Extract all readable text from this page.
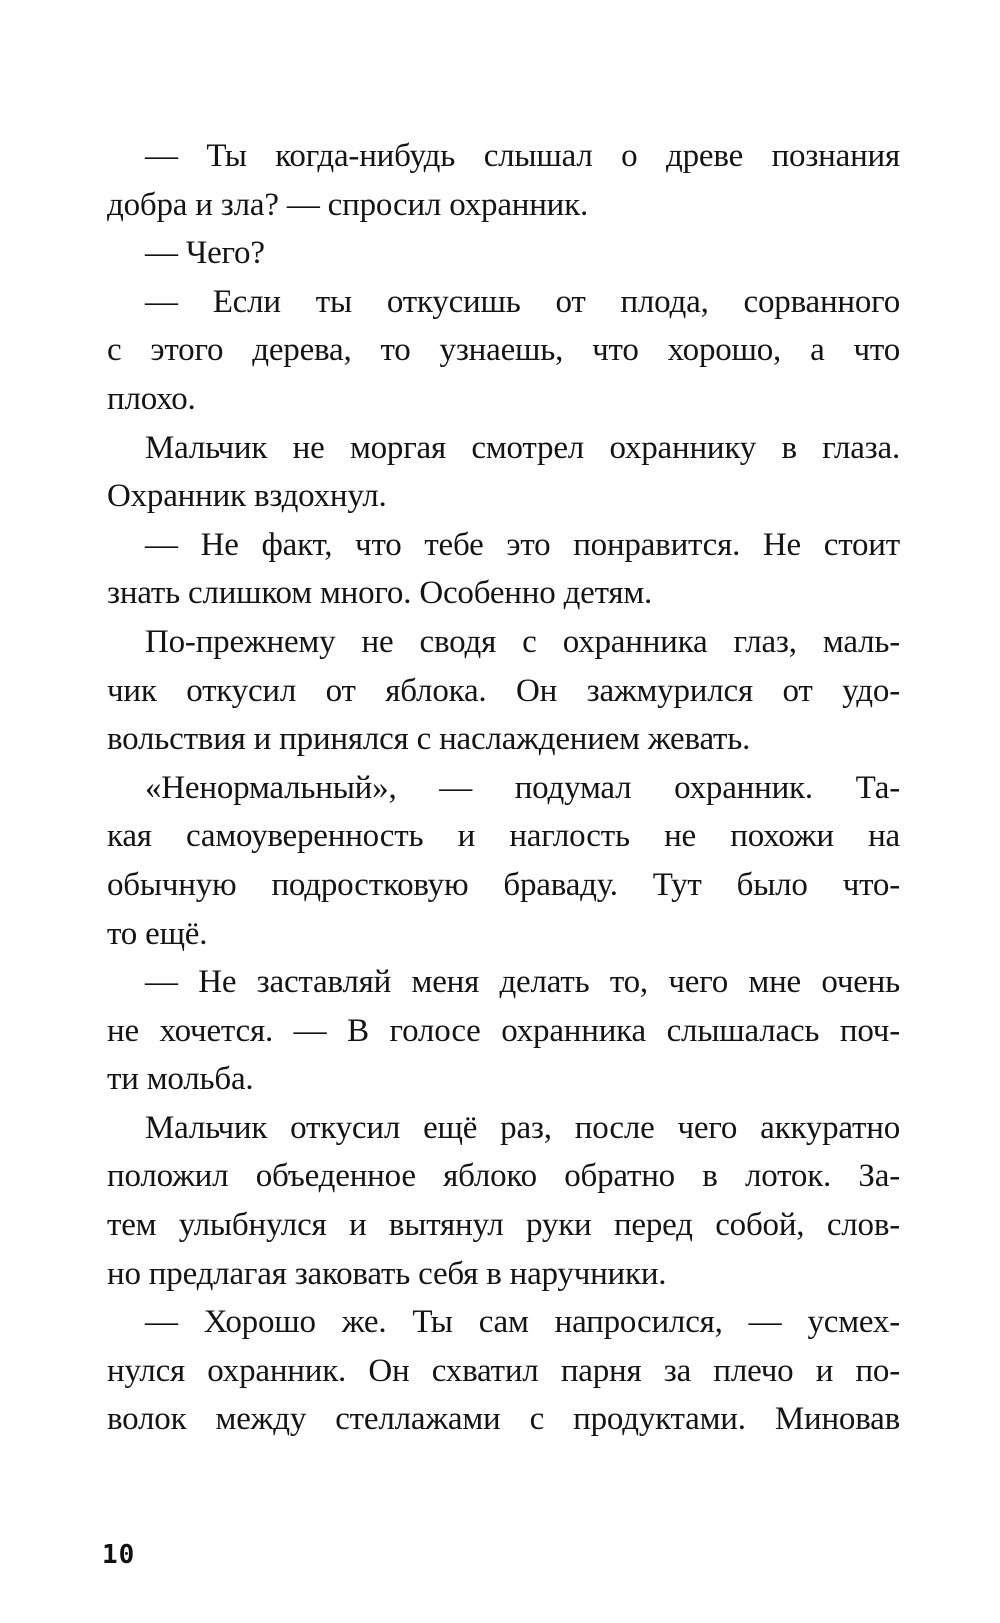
— Ты когда-нибудь слышал о древе познания
добра и зла? — спросил охранник.
— Чего?
— Если ты откусишь от плода, сорванного
с этого дерева, то узнаешь, что хорошо, а что
плохо.
Мальчик не моргая смотрел охраннику в глаза.
Охранник вздохнул.
— Не факт, что тебе это понравится. Не стоит
знать слишком много. Особенно детям.
По-прежнему не сводя с охранника глаз, маль-
чик откусил от яблока. Он зажмурился от удо-
вольствия и принялся с наслаждением жевать.
«Ненормальный», — подумал охранник. Та-
кая самоуверенность и наглость не похожи на
обычную подростковую браваду. Тут было что-
то ещё.
— Не заставляй меня делать то, чего мне очень
не хочется. — В голосе охранника слышалась поч-
ти мольба.
Мальчик откусил ещё раз, после чего аккуратно
положил объеденное яблоко обратно в лоток. За-
тем улыбнулся и вытянул руки перед собой, слов-
но предлагая заковать себя в наручники.
— Хорошо же. Ты сам напросился, — усмех-
нулся охранник. Он схватил парня за плечо и по-
волок между стеллажами с продуктами. Миновав
10
